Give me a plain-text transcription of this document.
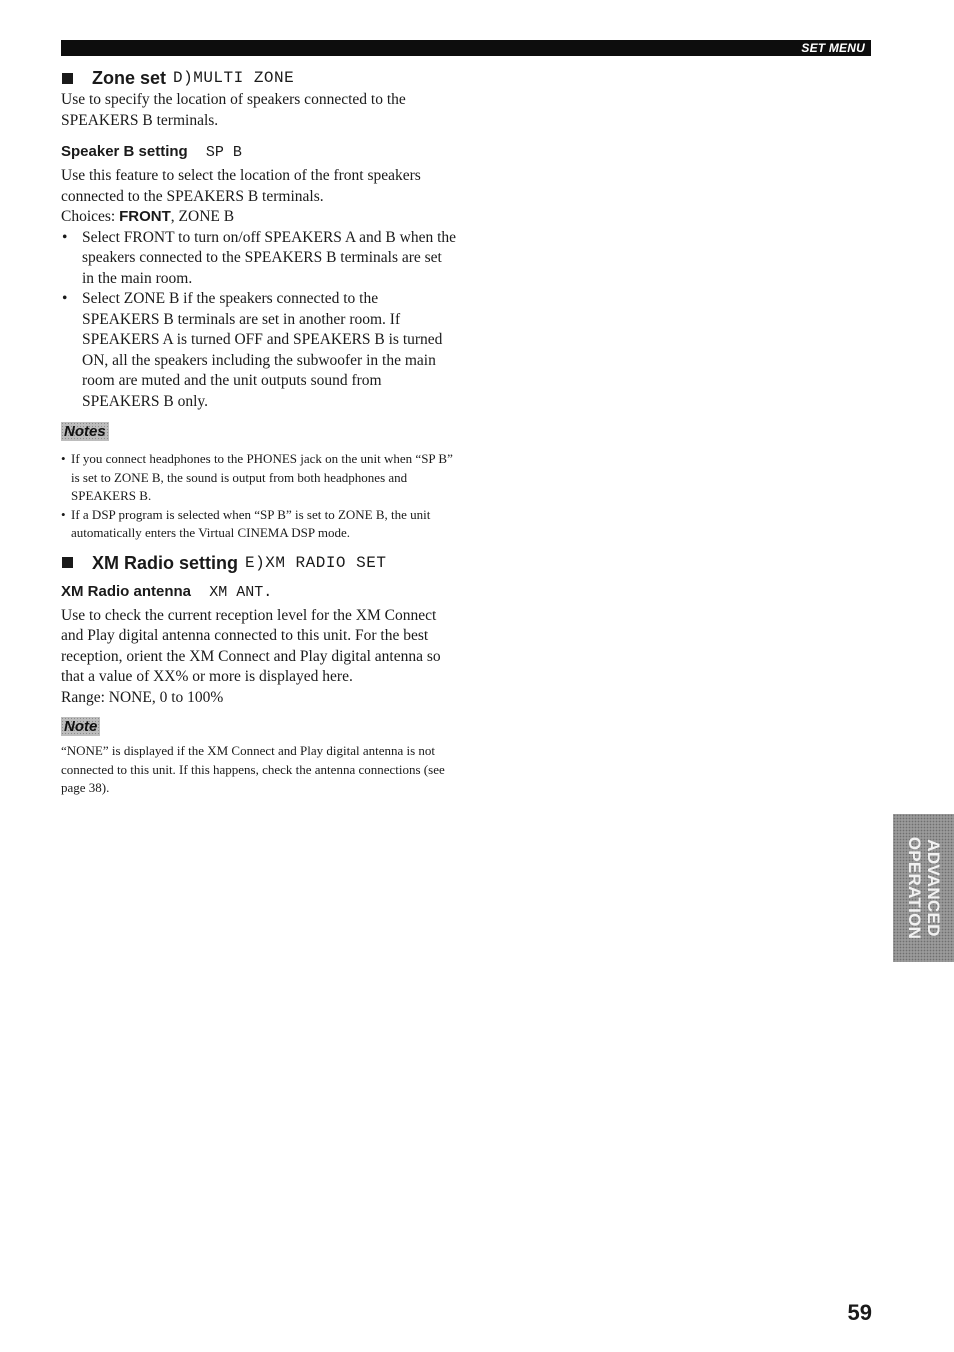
SET MENU
Zone set D)MULTI ZONE

Use to specify the location of speakers connected to the SPEAKERS B terminals.

Speaker B setting SP B

Use this feature to select the location of the front speakers connected to the SPEAKERS B terminals.

Choices: FRONT, ZONE B

• Select FRONT to turn on/off SPEAKERS A and B when the speakers connected to the SPEAKERS B terminals are set in the main room.
• Select ZONE B if the speakers connected to the SPEAKERS B terminals are set in another room. If SPEAKERS A is turned OFF and SPEAKERS B is turned ON, all the speakers including the subwoofer in the main room are muted and the unit outputs sound from SPEAKERS B only.
Notes
• If you connect headphones to the PHONES jack on the unit when “SP B” is set to ZONE B, the sound is output from both headphones and SPEAKERS B.
• If a DSP program is selected when “SP B” is set to ZONE B, the unit automatically enters the Virtual CINEMA DSP mode.
XM Radio setting E)XM RADIO SET
XM Radio antenna XM ANT.

Use to check the current reception level for the XM Connect and Play digital antenna connected to this unit. For the best reception, orient the XM Connect and Play digital antenna so that a value of XX% or more is displayed here.

Range: NONE, 0 to 100%

Note

“NONE” is displayed if the XM Connect and Play digital antenna is not connected to this unit. If this happens, check the antenna connections (see page 38).

ADVANCED
OPERATION
59
